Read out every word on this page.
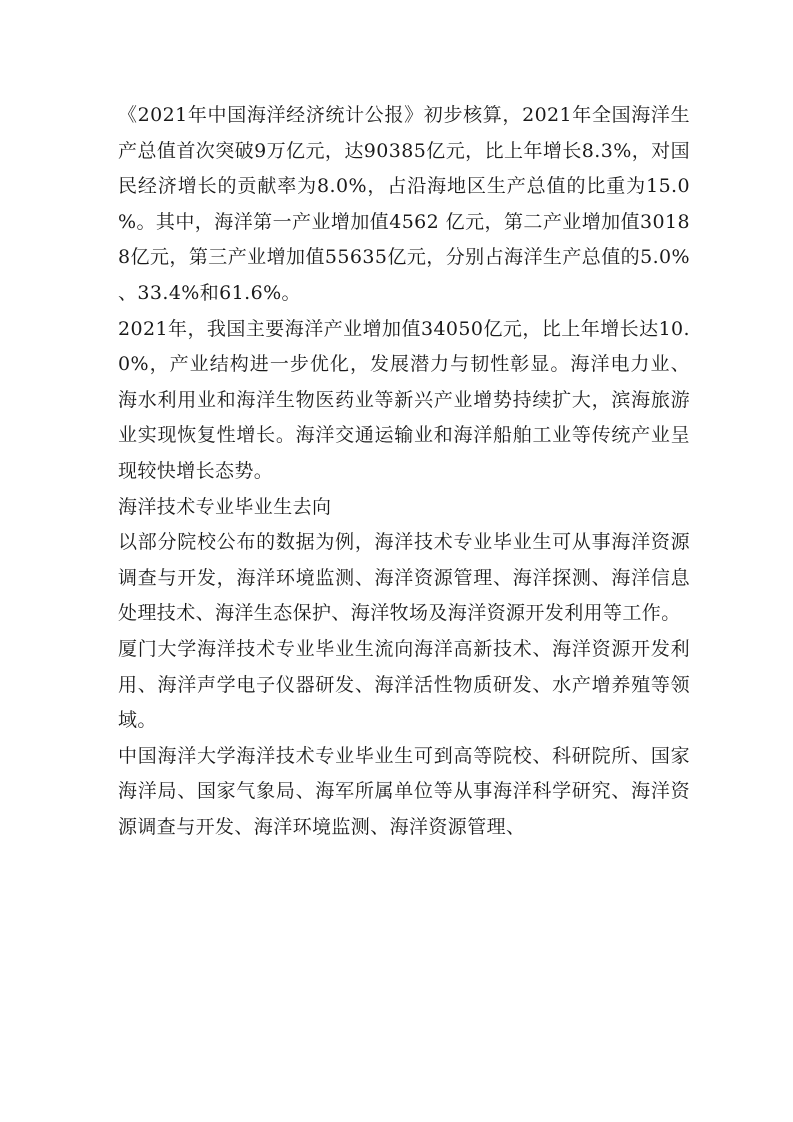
《2021年中国海洋经济统计公报》初步核算，2021年全国海洋生产总值首次突破9万亿元，达90385亿元，比上年增长8.3%，对国民经济增长的贡献率为8.0%，占沿海地区生产总值的比重为15.0%。其中，海洋第一产业增加值4562 亿元，第二产业增加值30188亿元，第三产业增加值55635亿元，分别占海洋生产总值的5.0%、33.4%和61.6%。

2021年，我国主要海洋产业增加值34050亿元，比上年增长达10.0%，产业结构进一步优化，发展潜力与韧性彰显。海洋电力业、海水利用业和海洋生物医药业等新兴产业增势持续扩大，滨海旅游业实现恢复性增长。海洋交通运输业和海洋船舶工业等传统产业呈现较快增长态势。

海洋技术专业毕业生去向

以部分院校公布的数据为例，海洋技术专业毕业生可从事海洋资源调查与开发，海洋环境监测、海洋资源管理、海洋探测、海洋信息处理技术、海洋生态保护、海洋牧场及海洋资源开发利用等工作。

厦门大学海洋技术专业毕业生流向海洋高新技术、海洋资源开发利用、海洋声学电子仪器研发、海洋活性物质研发、水产增养殖等领域。

中国海洋大学海洋技术专业毕业生可到高等院校、科研院所、国家海洋局、国家气象局、海军所属单位等从事海洋科学研究、海洋资源调查与开发、海洋环境监测、海洋资源管理、
